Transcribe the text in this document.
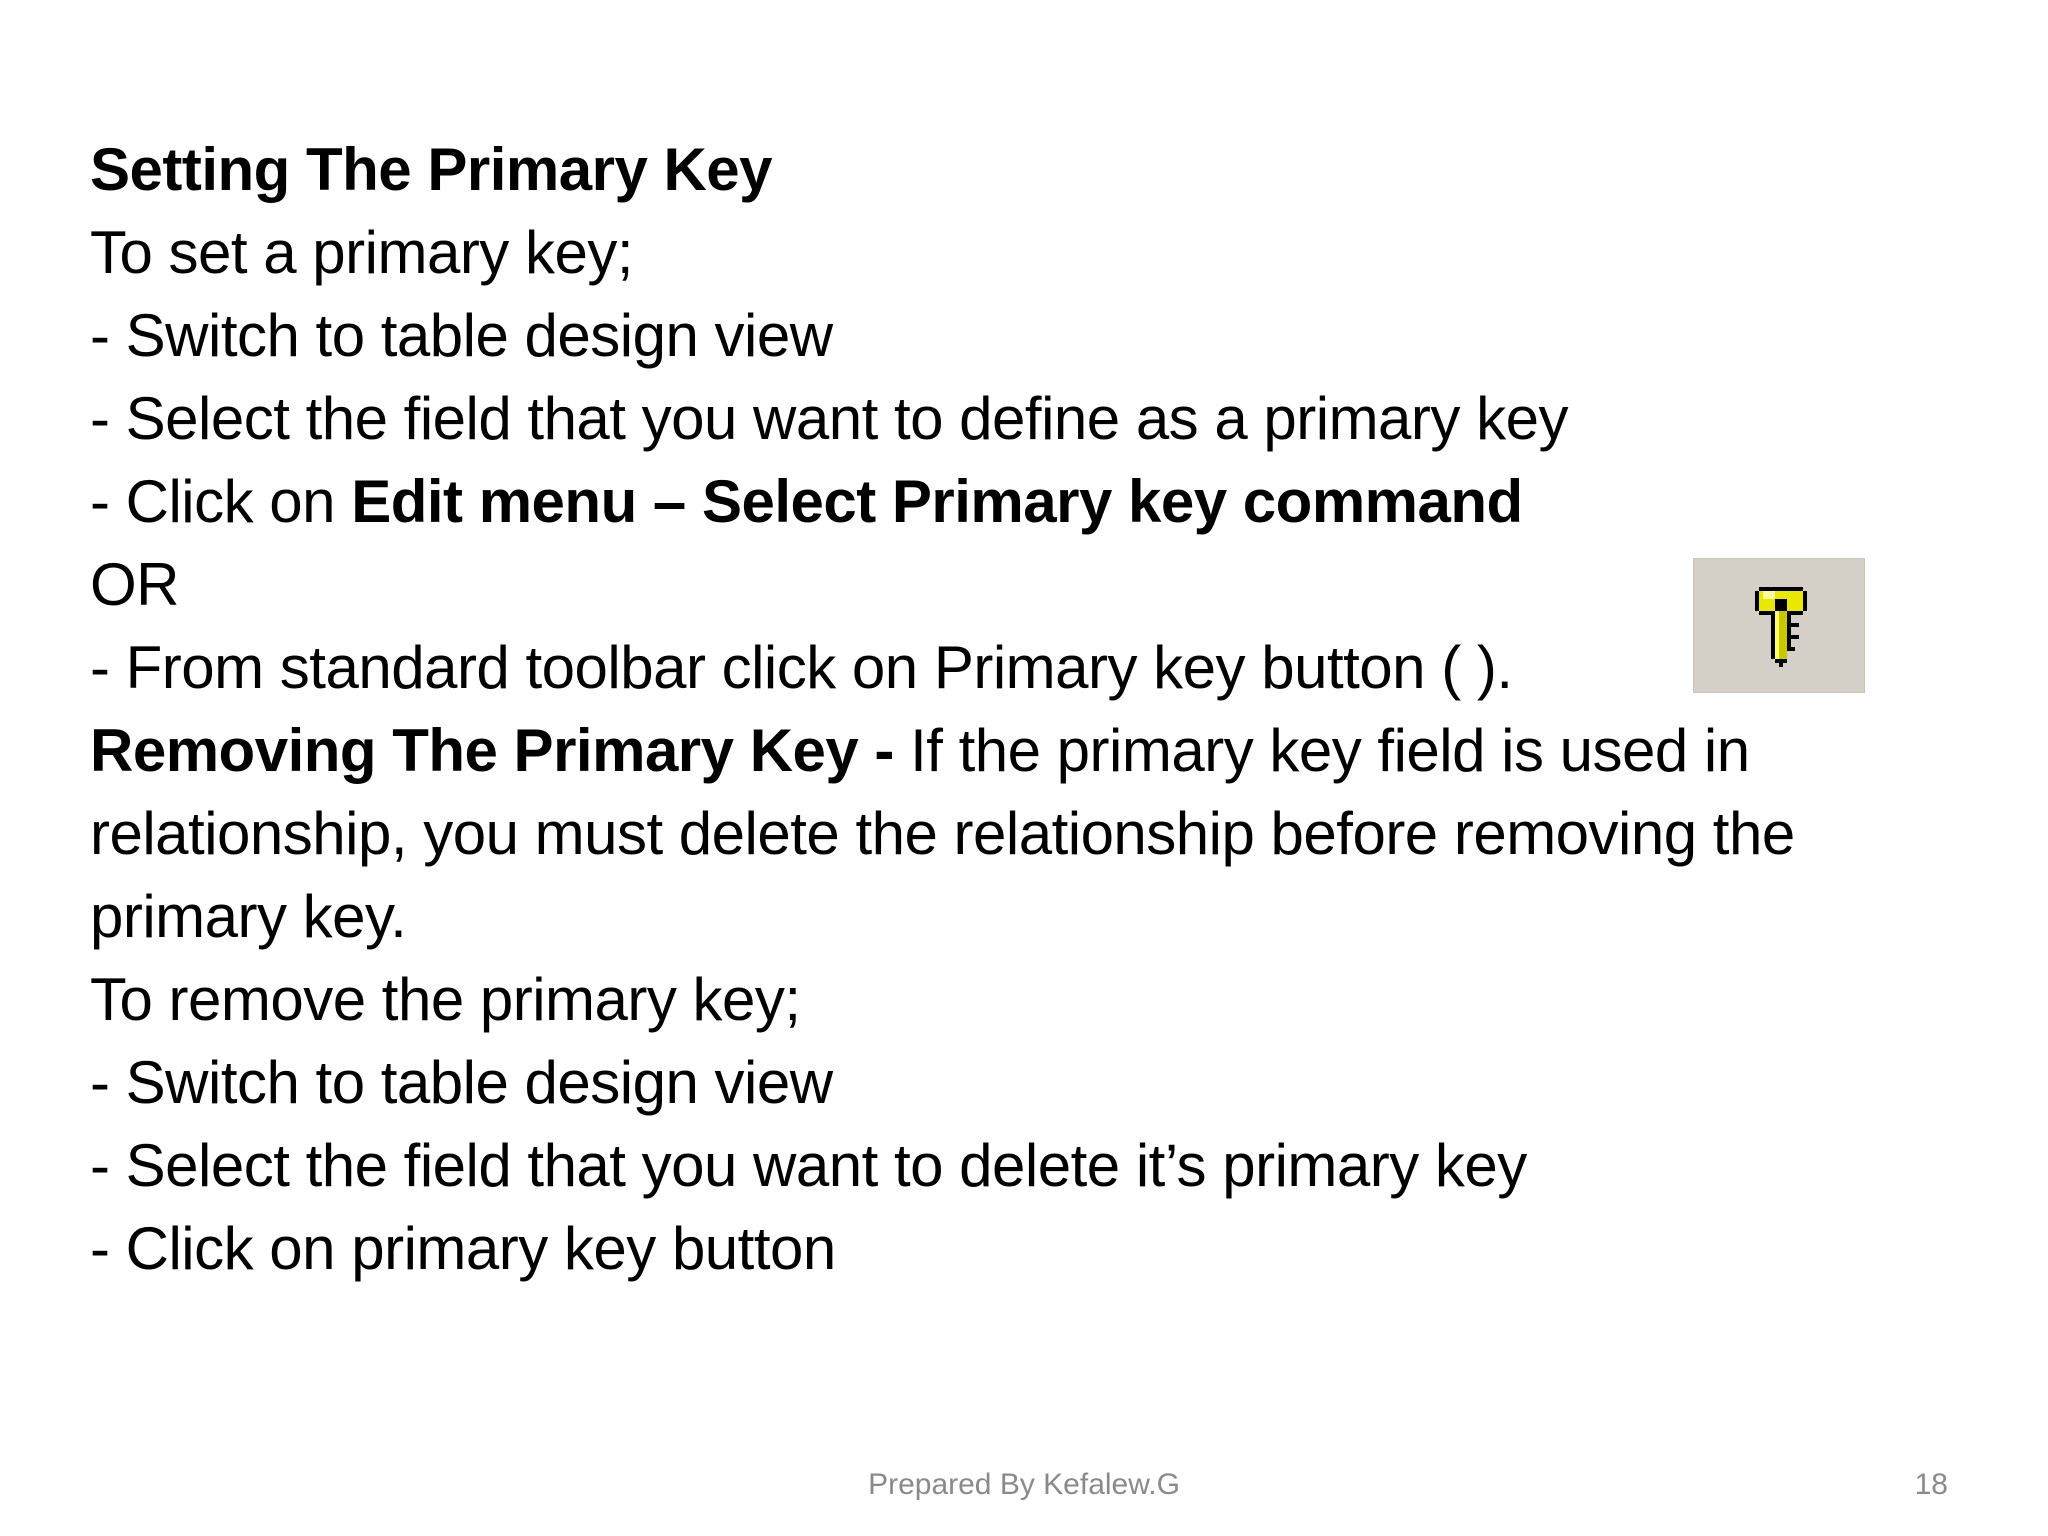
Setting The Primary Key
To set a primary key;
- Switch to table design view
- Select the field that you want to define as a primary key
- Click on Edit menu – Select Primary key command
OR
- From standard toolbar click on Primary key button ( ).
Removing The Primary Key - If the primary key field is used in
relationship, you must delete the relationship before removing the
primary key.
To remove the primary key;
- Switch to table design view
- Select the field that you want to delete it’s primary key
- Click on primary key button
Prepared By Kefalew.G	18
